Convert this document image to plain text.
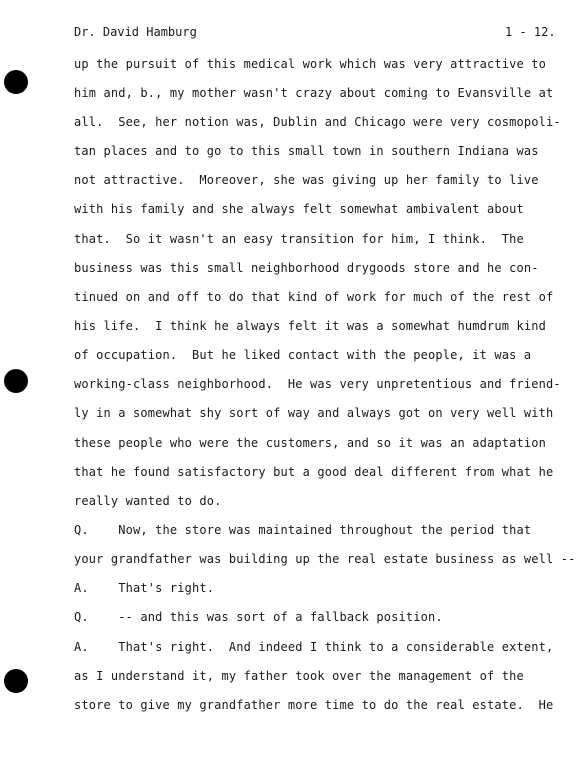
Dr. David Hamburg	1 - 12.
up the pursuit of this medical work which was very attractive to
him and, b., my mother wasn't crazy about coming to Evansville at
all.  See, her notion was, Dublin and Chicago were very cosmopoli-
tan places and to go to this small town in southern Indiana was
not attractive.  Moreover, she was giving up her family to live
with his family and she always felt somewhat ambivalent about
that.  So it wasn't an easy transition for him, I think.  The
business was this small neighborhood drygoods store and he con-
tinued on and off to do that kind of work for much of the rest of
his life.  I think he always felt it was a somewhat humdrum kind
of occupation.  But he liked contact with the people, it was a
working-class neighborhood.  He was very unpretentious and friend-
ly in a somewhat shy sort of way and always got on very well with
these people who were the customers, and so it was an adaptation
that he found satisfactory but a good deal different from what he
really wanted to do.
Q.    Now, the store was maintained throughout the period that
your grandfather was building up the real estate business as well --
A.    That's right.
Q.    -- and this was sort of a fallback position.
A.    That's right.  And indeed I think to a considerable extent,
as I understand it, my father took over the management of the
store to give my grandfather more time to do the real estate.  He
